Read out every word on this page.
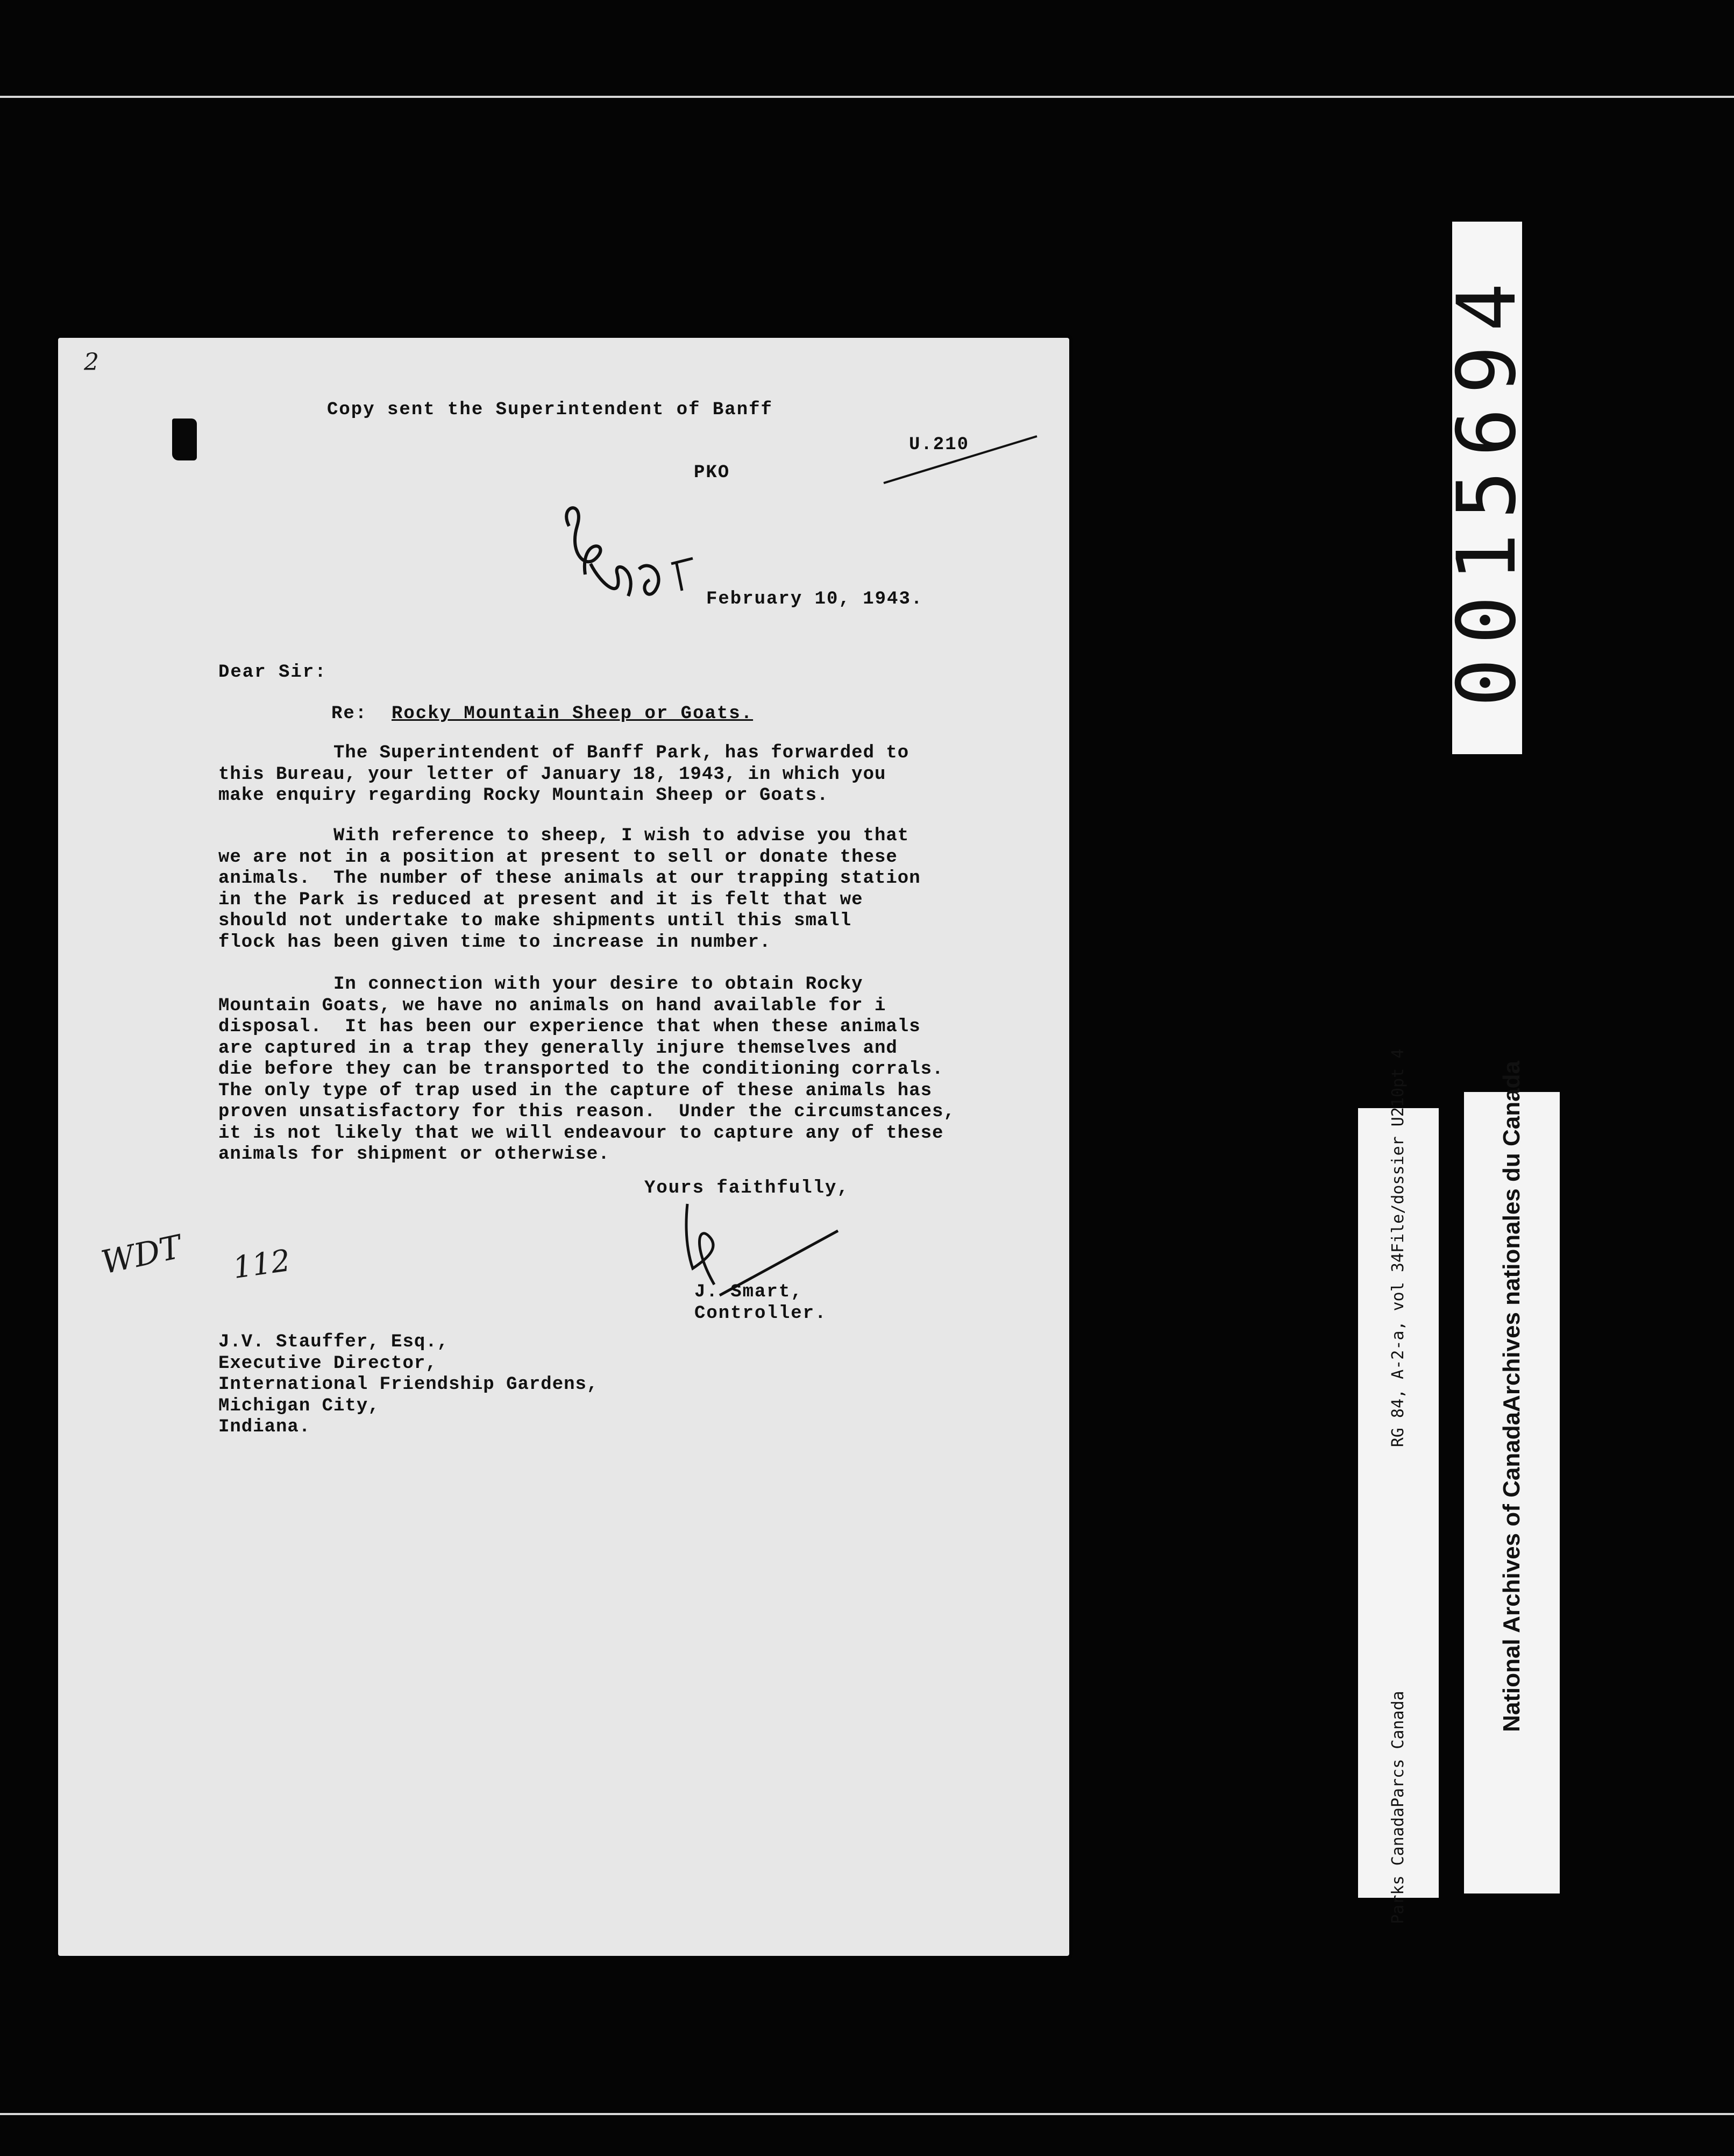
Copy sent the Superintendent of Banff
U.210
PKO
February 10, 1943.
Dear Sir:
Re: Rocky Mountain Sheep or Goats.
The Superintendent of Banff Park, has forwarded to
this Bureau, your letter of January 18, 1943, in which you
make enquiry regarding Rocky Mountain Sheep or Goats.
With reference to sheep, I wish to advise you that
we are not in a position at present to sell or donate these
animals.  The number of these animals at our trapping station
in the Park is reduced at present and it is felt that we
should not undertake to make shipments until this small
flock has been given time to increase in number.
In connection with your desire to obtain Rocky
Mountain Goats, we have no animals on hand available for i
disposal.  It has been our experience that when these animals
are captured in a trap they generally injure themselves and
die before they can be transported to the conditioning corrals.
The only type of trap used in the capture of these animals has
proven unsatisfactory for this reason.  Under the circumstances,
it is not likely that we will endeavour to capture any of these
animals for shipment or otherwise.
Yours faithfully,
J. Smart,
Controller.
J.V. Stauffer, Esq.,
Executive Director,
International Friendship Gardens,
Michigan City,
Indiana.
WDT 112
2	0015694
RG 84, A-2-a, vol 34File/dossier U210pt 4
Parks CanadaParcs Canada
National Archives of CanadaArchives nationales du Canada
